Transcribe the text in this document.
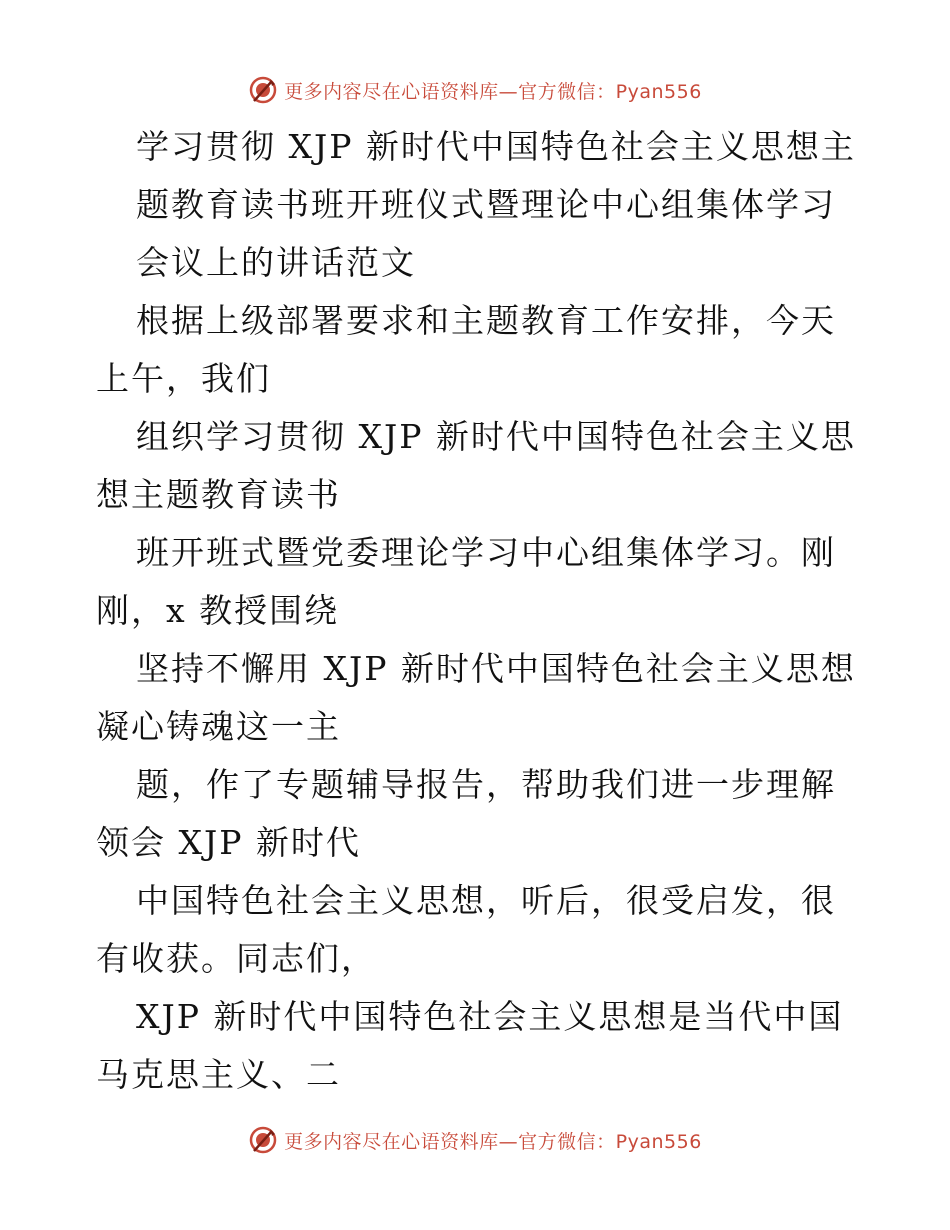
更多内容尽在心语资料库—官方微信：Pyan556

学习贯彻 XJP 新时代中国特色社会主义思想主题教育读书班开班仪式暨理论中心组集体学习会议上的讲话范文

根据上级部署要求和主题教育工作安排，今天上午，我们

组织学习贯彻 XJP 新时代中国特色社会主义思想主题教育读书

班开班式暨党委理论学习中心组集体学习。刚刚，x 教授围绕

坚持不懈用 XJP 新时代中国特色社会主义思想凝心铸魂这一主

题，作了专题辅导报告，帮助我们进一步理解领会 XJP 新时代

中国特色社会主义思想，听后，很受启发，很有收获。同志们，

XJP 新时代中国特色社会主义思想是当代中国马克思主义、二

更多内容尽在心语资料库—官方微信：Pyan556
